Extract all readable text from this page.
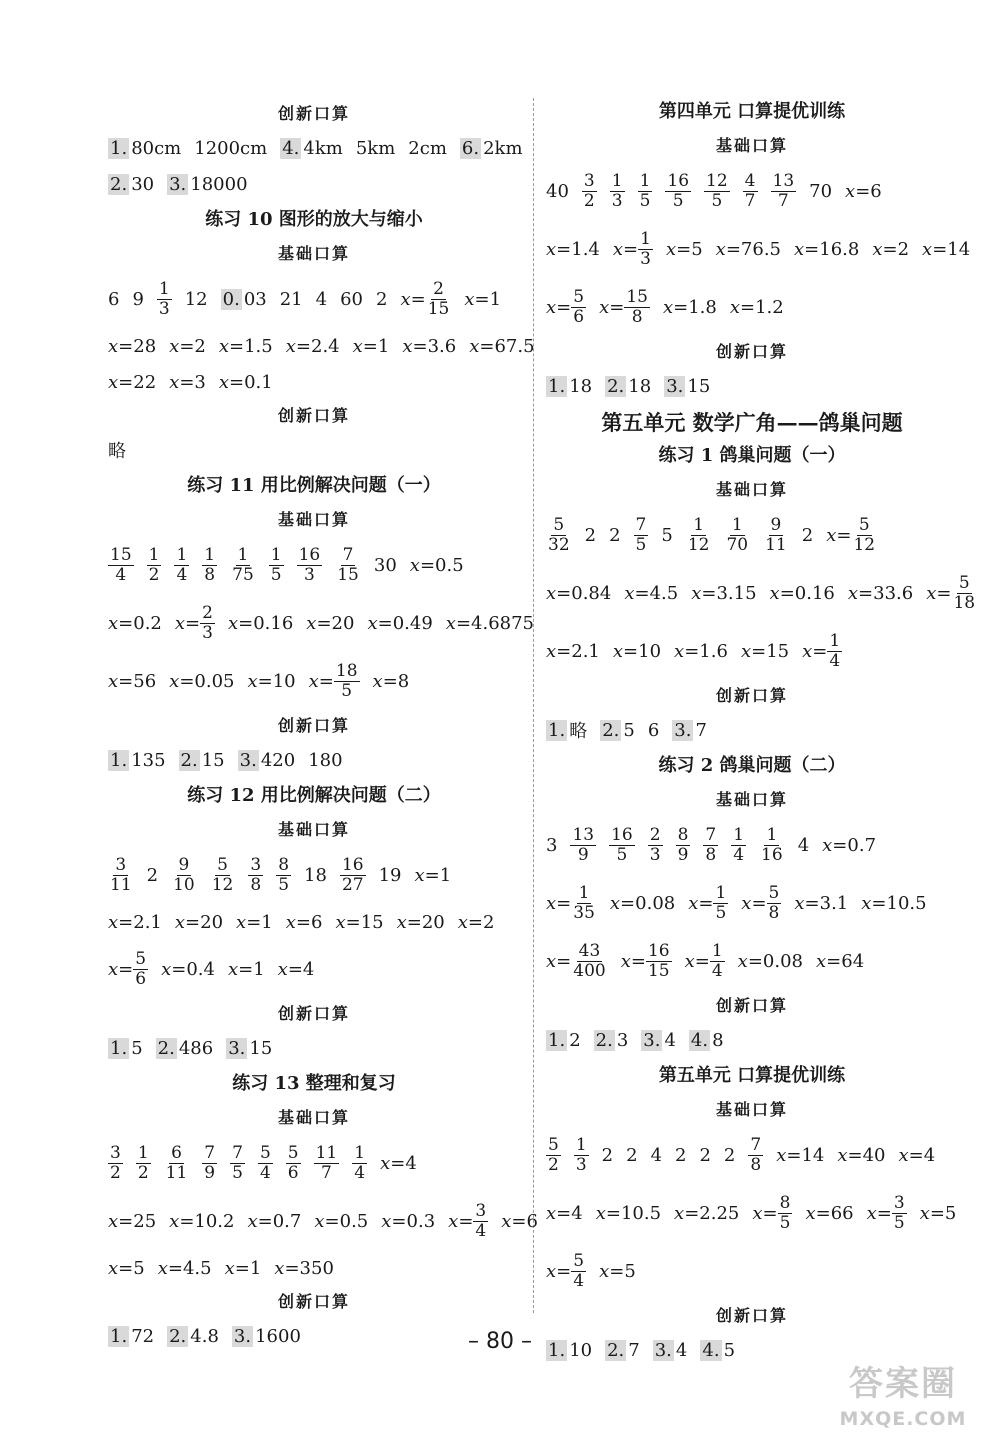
创新口算
1. 80cm 1200cm 4. 4km 5km 2cm 6. 2km
2. 30 3. 18000
练习 10 图形的放大与缩小
基础口算
6 $9 \frac{1}{3} 12$ 0. 03 21 4 60 2 $x = \frac{2}{15}$ x = 1
x = 28 x = 2 x = 1.5 x = 2.4 x = 1 x = 3.6 x = 67.5
x = 22 x = 3 x = 0.1
创新口算
略
练习 11 用比例解决问题（一）
基础口算
$\frac{15}{4} \frac{1}{2} \frac{1}{4} \frac{1}{8} \frac{1}{75} \frac{1}{5} \frac{16}{3} \frac{7}{15} 30$ x = 0.5
x = 0.2 $x = \frac{2}{3}$ x = 0.16 x = 20 x = 0.49 x = 4.6875
x = 56 x = 0.05 x = 10 $x = \frac{18}{5}$ x = 8
创新口算
1. 135 2. 15 3. 420 180
练习 12 用比例解决问题（二）
基础口算
$\frac{3}{11} 2 \frac{9}{10} \frac{5}{12} \frac{3}{8} \frac{8}{5} 18 \frac{16}{27} 19$ x = 1
x = 2.1 x = 20 x = 1 x = 6 x = 15 x = 20 x = 2
$x = \frac{5}{6}$ x = 0.4 x = 1 x = 4
创新口算
1. 5 2. 486 3. 15
练习 13 整理和复习
基础口算
$\frac{3}{2} \frac{1}{2} \frac{6}{11} \frac{7}{9} \frac{7}{5} \frac{5}{4} \frac{5}{6} \frac{11}{7} \frac{1}{4}$ x = 4
x = 25 x = 10.2 x = 0.7 x = 0.5 x = 0.3 $x = \frac{3}{4}$ x = 6
x = 5 x = 4.5 x = 1 x = 350
创新口算
1. 72 2. 4.8 3. 1600
第四单元 口算提优训练
基础口算
$40 \frac{3}{2} \frac{1}{3} \frac{1}{5} \frac{16}{5} \frac{12}{5} \frac{4}{7} \frac{13}{7} 70$ x = 6
x = 1.4 $x = \frac{1}{3}$ x = 5 x = 76.5 x = 16.8 x = 2 x = 14
$x = \frac{5}{6}$ $x = \frac{15}{8}$ x = 1.8 x = 1.2
创新口算
1. 18 2. 18 3. 15
第五单元 数学广角——鸽巢问题
练习 1 鸽巢问题（一）
基础口算
$\frac{5}{32} 2$ $2 \frac{7}{5} 5 \frac{1}{12} \frac{1}{70} \frac{9}{11} 2$ $x = \frac{5}{12}$
x = 0.84 x = 4.5 x = 3.15 x = 0.16 x = 33.6 $x = \frac{5}{18}$
x = 2.1 x = 10 x = 1.6 x = 15 $x = \frac{1}{4}$
创新口算
1. 略 2. 5 6 3. 7
练习 2 鸽巢问题（二）
基础口算
$3 \frac{13}{9} \frac{16}{5} \frac{2}{3} \frac{8}{9} \frac{7}{8} \frac{1}{4} \frac{1}{16} 4$ x = 0.7
$x = \frac{1}{35}$ x = 0.08 $x = \frac{1}{5}$ $x = \frac{5}{8}$ x = 3.1 x = 10.5
$x = \frac{43}{400}$ $x = \frac{16}{15}$ $x = \frac{1}{4}$ x = 0.08 x = 64
创新口算
1. 2 2. 3 3. 4 4. 8
第五单元 口算提优训练
基础口算
$\frac{5}{2} \frac{1}{3} 2$ 2 4 2 2 $2 \frac{7}{8}$ x = 14 x = 40 x = 4
x = 4 x = 10.5 x = 2.25 $x = \frac{8}{5}$ x = 66 $x = \frac{3}{5}$ x = 5
$x = \frac{5}{4}$ x = 5
创新口算
1. 10 2. 7 3. 4 4. 5
– 80 –
答案圈
MXQE.COM
